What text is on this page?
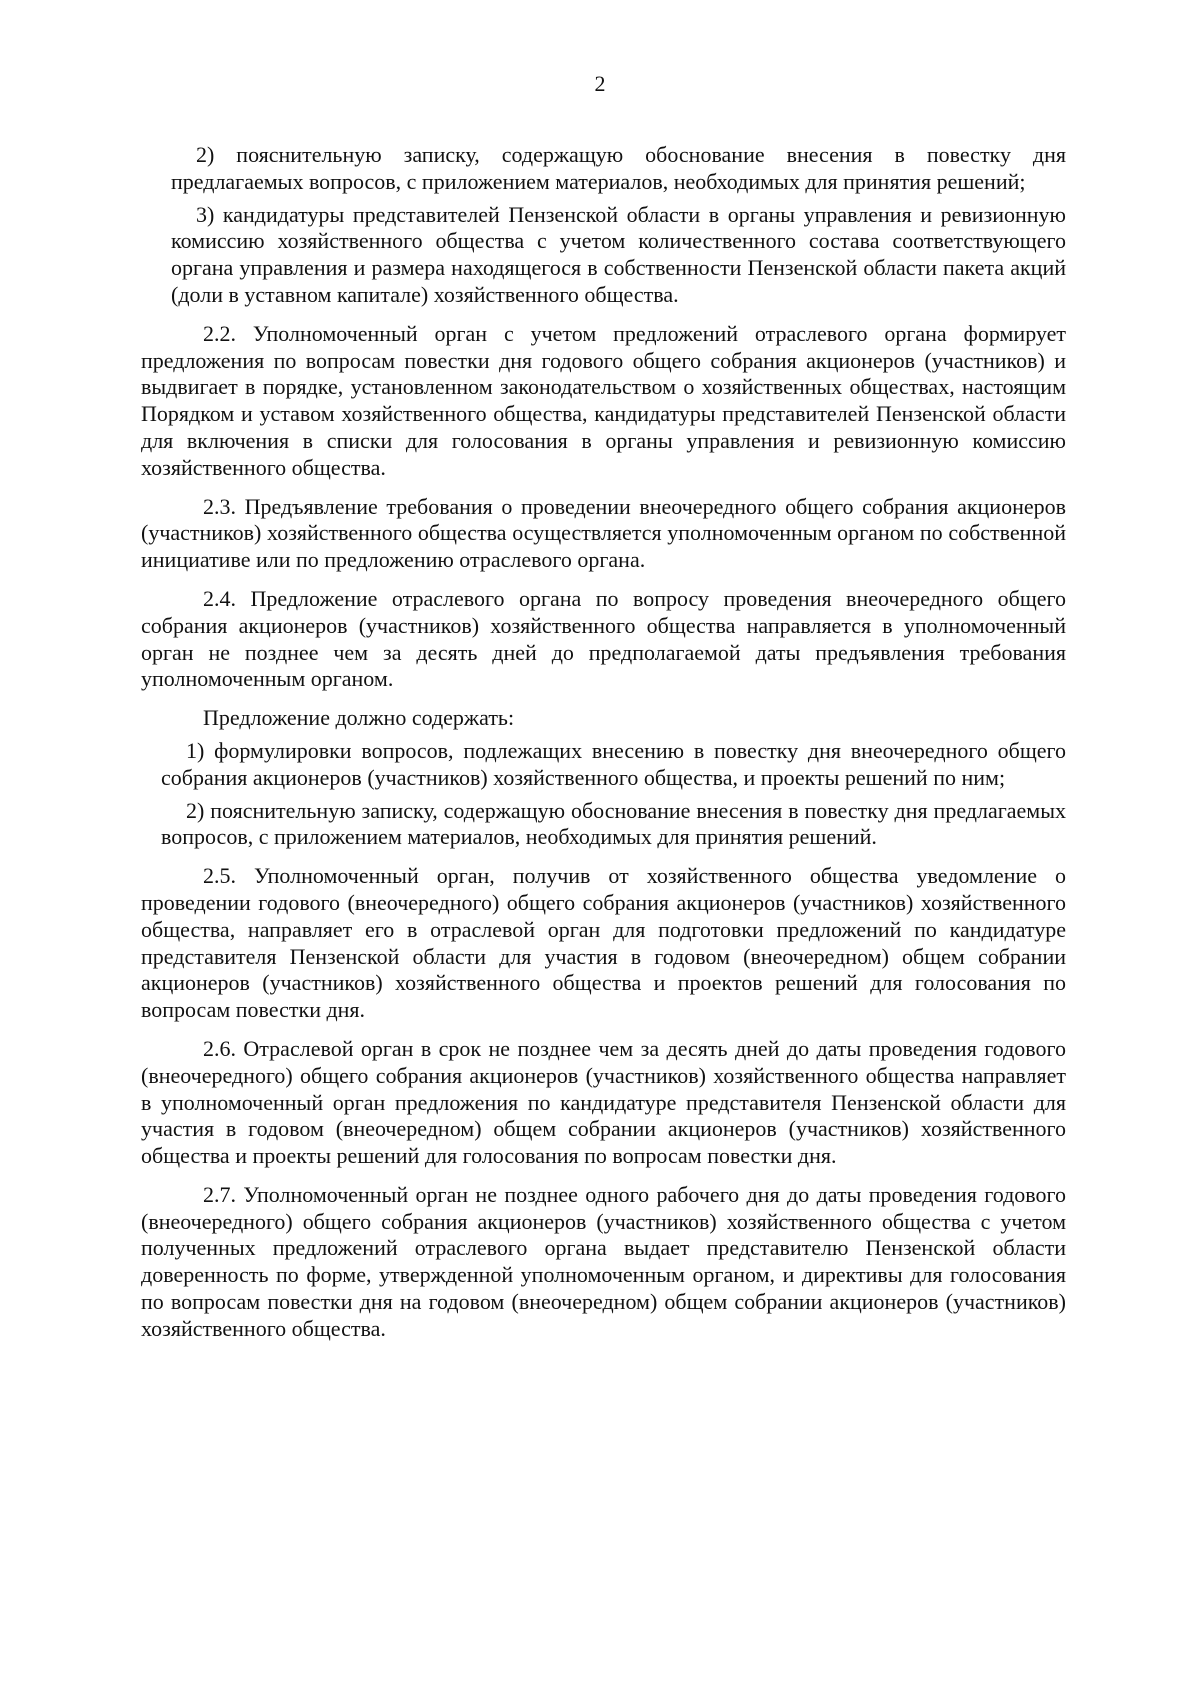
2

2) пояснительную записку, содержащую обоснование внесения в повестку дня предлагаемых вопросов, с приложением материалов, необходимых для принятия решений;

3) кандидатуры представителей Пензенской области в органы управления и ревизионную комиссию хозяйственного общества с учетом количественного состава соответствующего органа управления и размера находящегося в собственности Пензенской области пакета акций (доли в уставном капитале) хозяйственного общества.

2.2. Уполномоченный орган с учетом предложений отраслевого органа формирует предложения по вопросам повестки дня годового общего собрания акционеров (участников) и выдвигает в порядке, установленном законодательством о хозяйственных обществах, настоящим Порядком и уставом хозяйственного общества, кандидатуры представителей Пензенской области для включения в списки для голосования в органы управления и ревизионную комиссию хозяйственного общества.

2.3. Предъявление требования о проведении внеочередного общего собрания акционеров (участников) хозяйственного общества осуществляется уполномоченным органом по собственной инициативе или по предложению отраслевого органа.

2.4. Предложение отраслевого органа по вопросу проведения внеочередного общего собрания акционеров (участников) хозяйственного общества направляется в уполномоченный орган не позднее чем за десять дней до предполагаемой даты предъявления требования уполномоченным органом.

Предложение должно содержать:

1) формулировки вопросов, подлежащих внесению в повестку дня внеочередного общего собрания акционеров (участников) хозяйственного общества, и проекты решений по ним;

2) пояснительную записку, содержащую обоснование внесения в повестку дня предлагаемых вопросов, с приложением материалов, необходимых для принятия решений.

2.5. Уполномоченный орган, получив от хозяйственного общества уведомление о проведении годового (внеочередного) общего собрания акционеров (участников) хозяйственного общества, направляет его в отраслевой орган для подготовки предложений по кандидатуре представителя Пензенской области для участия в годовом (внеочередном) общем собрании акционеров (участников) хозяйственного общества и проектов решений для голосования по вопросам повестки дня.

2.6. Отраслевой орган в срок не позднее чем за десять дней до даты проведения годового (внеочередного) общего собрания акционеров (участников) хозяйственного общества направляет в уполномоченный орган предложения по кандидатуре представителя Пензенской области для участия в годовом (внеочередном) общем собрании акционеров (участников) хозяйственного общества и проекты решений для голосования по вопросам повестки дня.

2.7. Уполномоченный орган не позднее одного рабочего дня до даты проведения годового (внеочередного) общего собрания акционеров (участников) хозяйственного общества с учетом полученных предложений отраслевого органа выдает представителю Пензенской области доверенность по форме, утвержденной уполномоченным органом, и директивы для голосования по вопросам повестки дня на годовом (внеочередном) общем собрании акционеров (участников) хозяйственного общества.
